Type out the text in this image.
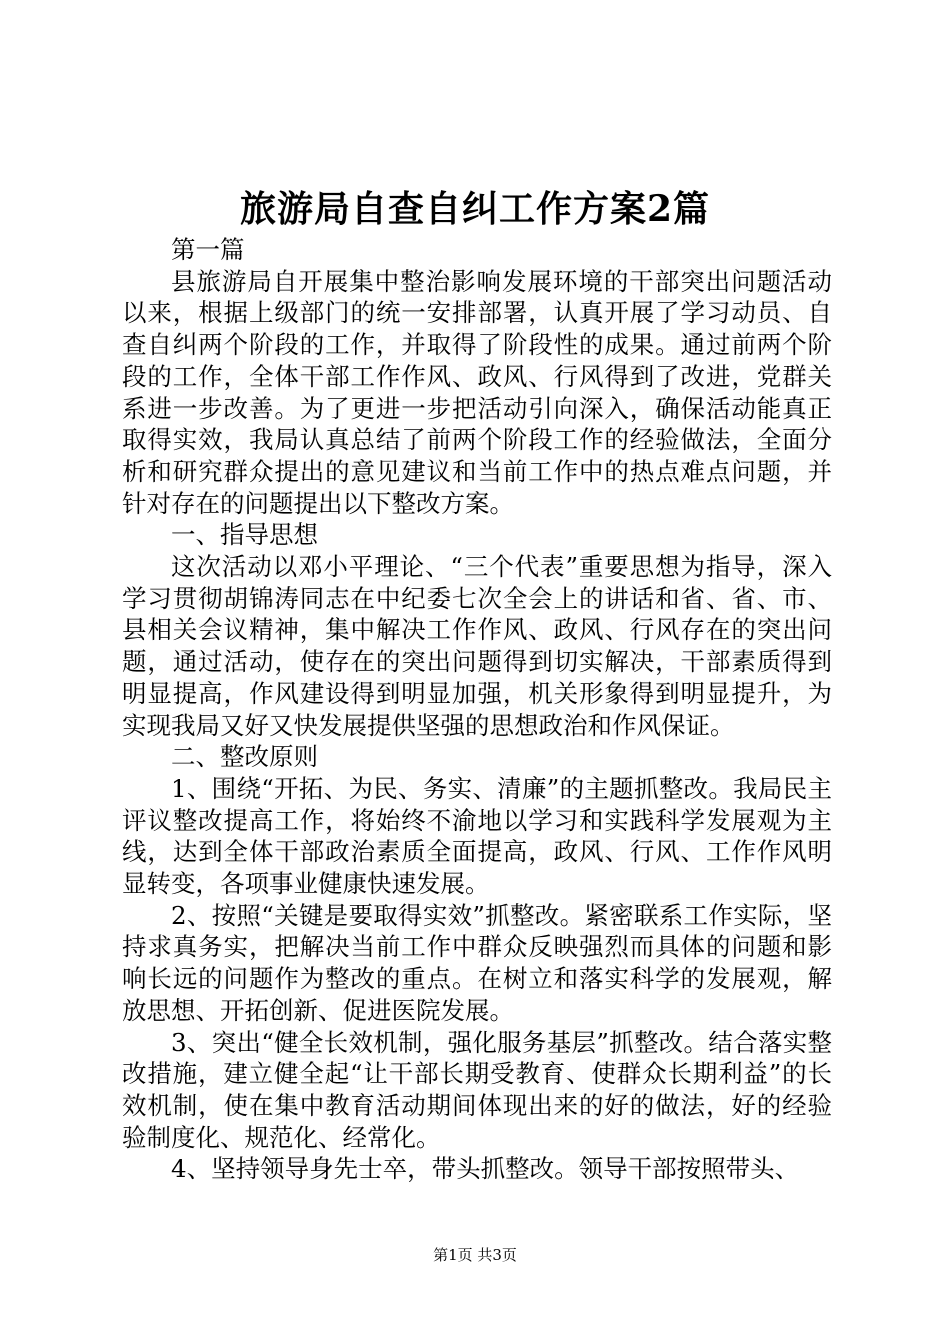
旅游局自查自纠工作方案2篇

第一篇

县旅游局自开展集中整治影响发展环境的干部突出问题活动以来，根据上级部门的统一安排部署，认真开展了学习动员、自查自纠两个阶段的工作，并取得了阶段性的成果。通过前两个阶段的工作，全体干部工作作风、政风、行风得到了改进，党群关系进一步改善。为了更进一步把活动引向深入，确保活动能真正取得实效，我局认真总结了前两个阶段工作的经验做法，全面分析和研究群众提出的意见建议和当前工作中的热点难点问题，并针对存在的问题提出以下整改方案。

一、指导思想

这次活动以邓小平理论、“三个代表”重要思想为指导，深入学习贯彻胡锦涛同志在中纪委七次全会上的讲话和省、省、市、县相关会议精神，集中解决工作作风、政风、行风存在的突出问题，通过活动，使存在的突出问题得到切实解决，干部素质得到明显提高，作风建设得到明显加强，机关形象得到明显提升，为实现我局又好又快发展提供坚强的思想政治和作风保证。

二、整改原则

1、围绕“开拓、为民、务实、清廉”的主题抓整改。我局民主评议整改提高工作，将始终不渝地以学习和实践科学发展观为主线，达到全体干部政治素质全面提高，政风、行风、工作作风明显转变，各项事业健康快速发展。

2、按照“关键是要取得实效”抓整改。紧密联系工作实际，坚持求真务实，把解决当前工作中群众反映强烈而具体的问题和影响长远的问题作为整改的重点。在树立和落实科学的发展观，解放思想、开拓创新、促进医院发展。

3、突出“健全长效机制，强化服务基层”抓整改。结合落实整改措施，建立健全起“让干部长期受教育、使群众长期利益”的长效机制，使在集中教育活动期间体现出来的好的做法，好的经验验制度化、规范化、经常化。

4、坚持领导身先士卒，带头抓整改。领导干部按照带头、

第1页 共3页
